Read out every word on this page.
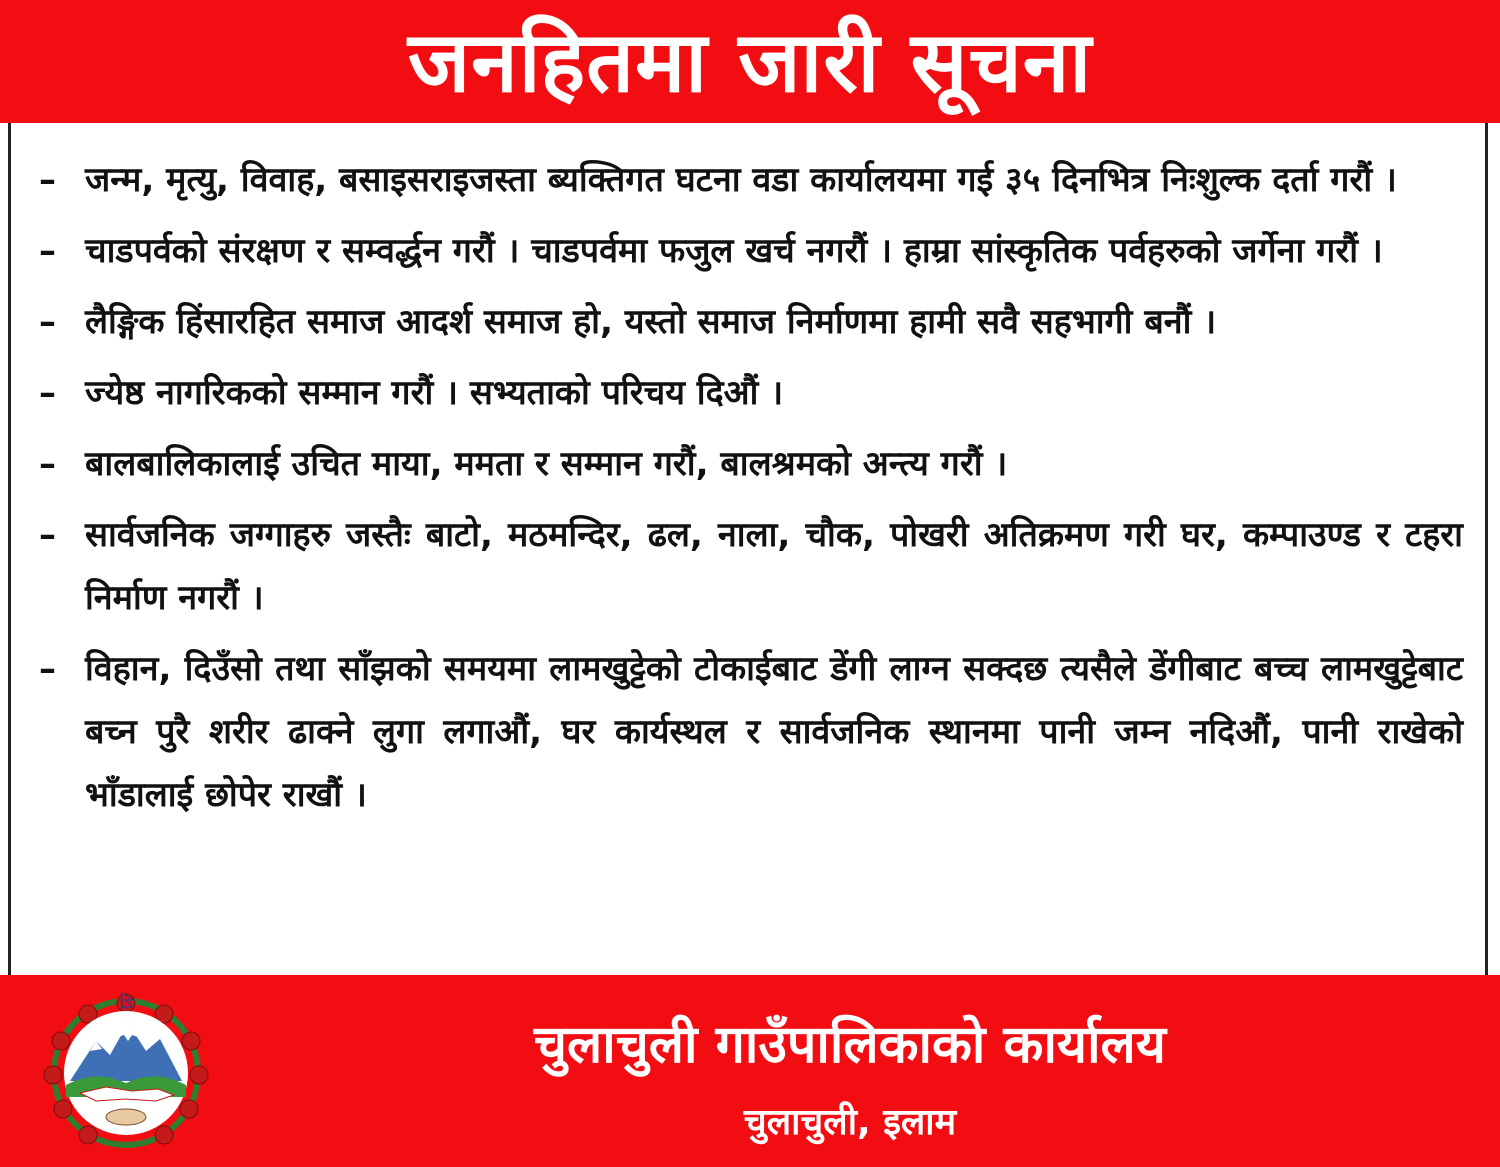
जनहितमा जारी सूचना
– जन्म, मृत्यु, विवाह, बसाइसराइजस्ता ब्यक्तिगत घटना वडा कार्यालयमा गई ३५ दिनभित्र निःशुल्क दर्ता गरौं ।
– चाडपर्वको संरक्षण र सम्वर्द्धन गरौं । चाडपर्वमा फजुल खर्च नगरौं । हाम्रा सांस्कृतिक पर्वहरुको जर्गेना गरौं ।
– लैङ्गिक हिंसारहित समाज आदर्श समाज हो, यस्तो समाज निर्माणमा हामी सवै सहभागी बनौं ।
– ज्येष्ठ नागरिकको सम्मान गरौं । सभ्यताको परिचय दिऔं ।
– बालबालिकालाई उचित माया, ममता र सम्मान गरौं, बालश्रमको अन्त्य गरौं ।
– सार्वजनिक जग्गाहरु जस्तैः बाटो, मठमन्दिर, ढल, नाला, चौक, पोखरी अतिक्रमण गरी घर, कम्पाउण्ड र टहरा निर्माण नगरौं ।
– विहान, दिउँसो तथा साँझको समयमा लामखुट्टेको टोकाईबाट डेंगी लाग्न सक्दछ त्यसैले डेंगीबाट बच्च लामखुट्टेबाट बच्न पुरै शरीर ढाक्ने लुगा लगाऔं, घर कार्यस्थल र सार्वजनिक स्थानमा पानी जम्न नदिऔं, पानी राखेको भाँडालाई छोपेर राखौं ।
चुलाचुली गाउँपालिकाको कार्यालय
चुलाचुली, इलाम
